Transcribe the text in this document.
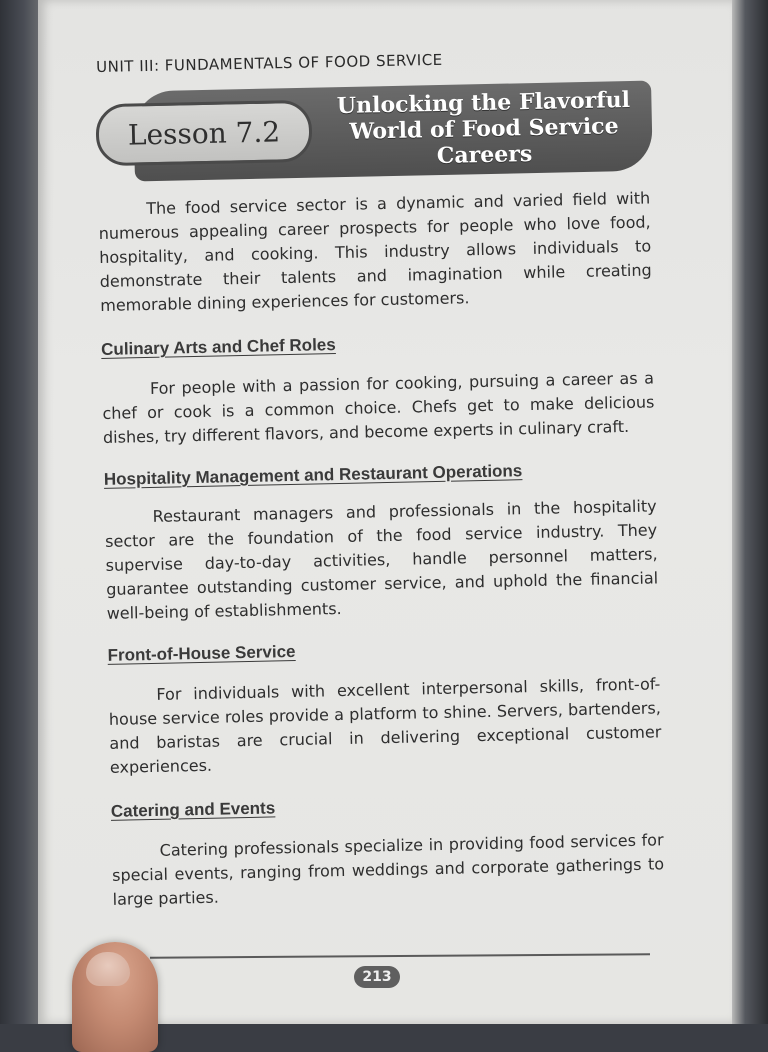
UNIT III: FUNDAMENTALS OF FOOD SERVICE
Lesson 7.2
Unlocking the Flavorful
World of Food Service
Careers

The food service sector is a dynamic and varied field with numerous appealing career prospects for people who love food, hospitality, and cooking. This industry allows individuals to demonstrate their talents and imagination while creating memorable dining experiences for customers.

Culinary Arts and Chef Roles

For people with a passion for cooking, pursuing a career as a chef or cook is a common choice. Chefs get to make delicious dishes, try different flavors, and become experts in culinary craft.

Hospitality Management and Restaurant Operations

Restaurant managers and professionals in the hospitality sector are the foundation of the food service industry. They supervise day-to-day activities, handle personnel matters, guarantee outstanding customer service, and uphold the financial well-being of establishments.

Front-of-House Service

For individuals with excellent interpersonal skills, front-of-house service roles provide a platform to shine. Servers, bartenders, and baristas are crucial in delivering exceptional customer experiences.

Catering and Events

Catering professionals specialize in providing food services for special events, ranging from weddings and corporate gatherings to large parties.

213
